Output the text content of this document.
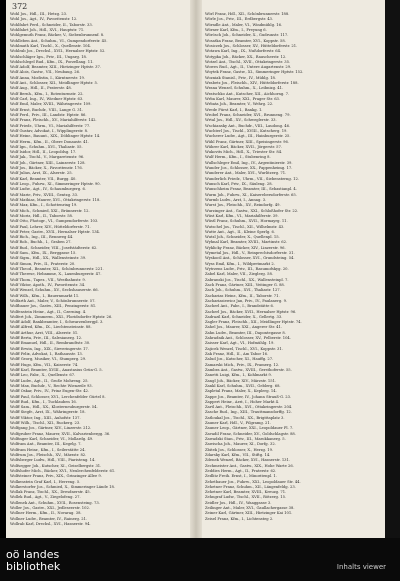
372
Wohl Jos., Hdl., III., Hetzg. 23.
Wohl Jos., Agt., IV., Favoritenstr. 12.
Wohlfahrt Ferd., Schneider, II., Taborstr. 33.
Wohlfahrt Joh., Hdl., XVI., Hauptstr. 71.
Wohlgemuth Franz, Bäcker, V., Siebenbrunnenf. 8.
Wohlleben Ant., Schuhm., VI., Gumpendorferstr. 45.
Wohlmuth Karl, Tischl., X., Quellenstr. 104.
Wohlrab Jos., Drechsl., XVII., Hernalser Hptstr. 52.
Wohlschläger Ign., Priv., III., Ungarg. 18.
Wohlschlegel Rud., Kfm., IX., Porzellang. 11.
Wolf Adolf, Beamter, XIII., Hietzinger Hptstr. 37.
Wolf Alois, Gastw., VII., Neubaug. 26.
Wolf Anna, Modistin, I., Kärntnerstr. 19.
Wolf Ant., Schlosser, XII., Meidlinger Hptstr. 5.
Wolf Aug., Hdl., II., Praterstr. 48.
Wolf Bernh., Kfm., I., Rotenturmstr. 22.
Wolf Carl, Ing., IV., Wiedner Hptstr. 63.
Wolf Emil, Maler, XVIII., Währingerstr. 109.
Wolf Ernst, Buchdr., VIII., Lange G. 31.
Wolf Ferd., Priv., III., Landstr. Hptstr. 86.
Wolf Franz, Fleischh., XV., Mariahilferstr. 142.
Wolf Friedr., Uhrm., VI., Mariahilferstr. 77.
Wolf Gustav, Advokat, I., Wipplingerstr. 8.
Wolf Heinr., Bauunt., XIX., Döblinger Hptstr. 14.
Wolf Herm., Kfm., II., Obere Donaustr. 41.
Wolf Ign., Schuhm., XVI., Thaliastr. 55.
Wolf Isidor, Hdl., II., Leopoldsg. 17.
Wolf Jak., Tischl., V., Margaretenstr. 96.
Wolf Joh., Gärtner, XIII., Lainzerstr. 128.
Wolf Jos., Bäcker, X., Favoritenstr. 176.
Wolf Julius, Arzt, IX., Alserstr. 25.
Wolf Karl, Beamter, VII., Burgg. 40.
Wolf Leop., Fuhrw., XI., Simmeringer Hptstr. 90.
Wolf Ludw., Agt., IV., Schaumburgerg. 6.
Wolf Marie, Priv., XVIII., Gentzg. 33.
Wolf Mathias, Maurer, XVI., Ottakringerstr. 118.
Wolf Max, Kfm., I., Schottenring 19.
Wolf Mich., Schmied, XXI., Brünnerstr. 12.
Wolf Moriz, Hdl., II., Taborstr. 58.
Wolf Otto, Photogr., VI., Gumpendorferstr. 103.
Wolf Paul, Lehrer, XIV., Hütteldorferstr. 71.
Wolf Peter, Gastw., XVII., Hernalser Hptstr. 134.
Wolf Rich., Ing., III., Rennweg 44.
Wolf Rob., Buchh., I., Graben 27.
Wolf Rud., Schneider, VIII., Josefstädterstr. 62.
Wolf Sam., Kfm., IX., Berggasse 15.
Wolf Sigm., Hdl., XX., Wallensteinstr. 39.
Wolf Simon, Priv., II., Praterstr. 20.
Wolf Theod., Beamter, XII., Schönbrunnerstr. 221.
Wolf Therese, Hebamme, X., Laxenburgerstr. 47.
Wolf Thom., Tapez., VII., Westbahnstr. 9.
Wolf Viktor, Apoth., IV., Favoritenstr. 34.
Wolf Wenzel, Schuhm., XV., Sechshauserstr. 66.
Wolf Wilh., Kfm., I., Bauernmarkt 11.
Wolfarth Ant., Maler, V., Schönbrunnerstr. 57.
Wolfbauer Jos., Gastw., XIII., Penzingerstr. 81.
Wolfenstein Heinr., Agt., II., Czerning. 4.
Wolfert Joh., Zimmerm., XXI., Floridsdorfer Hptstr. 26.
Wolff Adolf, Bankbeamter, I., Schwarzenbergpl. 3.
Wolff Alfred, Kfm., IX., Liechtensteinstr. 88.
Wolff Arthur, Arzt, VIII., Alserstr. 51.
Wolff Berta, Priv., III., Salesianerg. 12.
Wolff Emanuel, Hdl., II., Rembrandtstr. 30.
Wolff Erwin, Ing., XIX., Sieveringerstr. 17.
Wolff Felix, Advokat, I., Rathausstr. 13.
Wolff Georg, Musiker, VI., Stumperg. 29.
Wolff Hugo, Kfm., VII., Kaiserstr. 74.
Wolff Karl, Beamter, XVIII., Anastasius Grün-G. 5.
Wolff Leo, Fabr., X., Quellenstr. 67.
Wolff Ludw., Agt., II., Große Mohreng. 25.
Wolff Max, Buchdr., V., Rechte Wienzeile 93.
Wolff Oskar, Priv., IV., Prinz Eugen-Str. 42.
Wolff Paul, Schlosser, XVI., Lerchenfelder Gürtel 8.
Wolff Rud., Kfm., I., Tuchlauben 16.
Wolff Sam., Hdl., XX., Klosterneuburgerstr. 54.
Wolff Siegfr., Arzt, IX., Währingerstr. 18.
Wolff Viktor, Ing., XIII., Auhofstr. 137.
Wolff Wilh., Tischl., XII., Ruckerg. 23.
Wolfgang Jos., Gärtner, XIV., Linzerstr. 212.
Wolfgruber Franz, Maurer, XVII., Kalvarienbergg. 36.
Wolfinger Karl, Schneider, VI., Mollardg. 49.
Wolfram Ant., Beamter, III., Kegelg. 7.
Wolfram Heinr., Kfm., I., Seilerstätte 24.
Wolfrum Jos., Fleischh., XV., Märzstr. 82.
Wolfsberger Ludw., Hdl., VIII., Piaristeng. 14.
Wolfsegger Joh., Kutscher, XI., Geiselbergstr. 31.
Wolfshofer Mich., Bäcker, XVI., Neulerchenfelderstr. 61.
Wolfsteiner Franz, Priv., XIX., Grinzinger Allee 9.
Wolkenstein Graf Karl, I., Herreng. 5.
Wolkerstorfer Jos., Schmied, X., Simmeringer Lände 18.
Wollak Franz, Tischl., XX., Dresdnerstr. 45.
Wollek Rud., Agt., V., Ziegelofeng. 27.
Wollenek Ant., Schuhm., XVII., Rosensteing. 73.
Woller Jos., Gastw., XXI., Jedleseerstr. 102.
Wollner Herm., Kfm., II., Novarag. 38.
Wollner Ludw., Beamter, IV., Rainerg. 21.
Wollrab Karl, Drechsl., XVI., Hasnerstr. 94.
Wörl Franz, Hdl., XII., Schönbrunnerstr. 188.
Wörle Jos., Priv., III., Erdbergstr. 43.
Wörndle Ant., Maler, VI., Windmühlg. 16.
Wörner Karl, Kfm., I., Freyung 6.
Wörösch Joh., Schneider, X., Gudrunstr. 117.
Wosatka Franz, Beamter, XVI., Koppstr. 58.
Wosiczek Jos., Schlosser, XV., Hütteldorferstr. 21.
Wotawa Karl, Ing., IX., Nußdorferstr. 64.
Wotypka Joh., Bäcker, XX., Rauscherstr. 12.
Wotzel Ant., Tischl., XVII., Ottakringerstr. 35.
Wowes Rud., Agt., II., Untere Augartenstr. 29.
Woytek Franz, Gastw., XI., Simmeringer Hptstr. 152.
Wozniak Stanisl., Priv., IV., Mühlg. 18.
Wrabetz Jos., Fleischh., XIV., Hütteldorferstr. 188.
Wrana Wenzel, Schuhm., X., Leibnizg. 41.
Wratschko Ant., Kutscher, XII., Aichhorng. 7.
Wrba Karl, Maurer, XXI., Prager Str. 63.
Wrbata Joh., Beamter, V., Wehrg. 22.
Wrede Fürst Karl, I., Bankg. 1.
Wrobel Franz, Schneider, XVI., Brunneng. 79.
Wrtal Jos., Hdl., XV., Schweglerstr. 33.
Wschiansky Ant., Buchdr., VIII., Laudong. 46.
Wuchterl Jos., Tischl., XVIII., Kutscherg. 19.
Wucherer Ludw., Agt., III., Hainburgerstr. 25.
Wühl Franz, Gärtner, XIII., Speisingerstr. 96.
Wührer Karl, Bäcker, XVII., Jörgerstr. 57.
Wukovits Mich., Hdl., X., Triester Str. 84.
Wulf Herm., Kfm., I., Stubenring 8.
Wullschleger Emil, Ing., IV., Argentinierstr. 39.
Wunder Jos., Schlosser, XX., Pappenheimg. 17.
Wunderer Ant., Maler, XVI., Wurlitzerg. 71.
Wunderlich Friedr., Uhrm., VII., Siebensterng. 12.
Wunsch Karl, Priv., IX., Säuleng. 28.
Wunschheim Franz, Beamter, III., Sebastianpl. 4.
Wurm Joh., Fuhrw., XI., Kaiserebersdorferstr. 65.
Wurmb Ludw., Arzt, I., Annag. 3.
Wurst Jos., Fleischh., XV., Reindorfg. 49.
Wurzinger Ant., Gastw., XXI., Schloßhofer Str. 22.
Wüst Karl, Kfm., VI., Mariahilferstr. 39.
Wüstl Franz, Schuhm., XVII., Hormayrg. 11.
Wutschel Jos., Tischl., XII., Wilhelmstr. 43.
Wutte Ant., Agt., II., Kleine Sperlg. 6.
Wutzl Joh., Schneider, X., Quellenpl. 15.
Wyhnal Karl, Beamter, XVIII., Martinstr. 62.
Wyklicky Franz, Bäcker, XIV., Linzerstr. 96.
Wymetal Jos., Hdl., V., Reinprechtsdorferstr. 31.
Wyskocil Ant., Schlosser, XVI., Grundsteing. 54.
Wyss Emil, Kfm., I., Wildpretmarkt 2.
Wytrzens Ludw., Priv., III., Rasumofskyg. 20.
Zabel Karl, Maler, VII., Zieglerg. 58.
Zabranski Jos., Tischl., XX., Wallensteinpl. 7.
Zach Franz, Gärtner, XIII., Veitinger G. 88.
Zach Joh., Schuhm., XVI., Thaliastr. 127.
Zacharias Heinr., Kfm., II., Taborstr. 71.
Zachariasiewicz Jan, Priv., IV., Paulanerg. 9.
Zacherl Ant., Fabr., I., Brandstätte 6.
Zacherl Jos., Bäcker, XVII., Hernalser Hptstr. 96.
Zadrazil Karl, Schneider, X., Gellertg. 33.
Zagler Franz, Fleischh., XII., Meidlinger Hptstr. 74.
Zahel Jos., Maurer, XXI., Angerer Str. 41.
Zahn Ludw., Beamter, III., Dapontegasse 8.
Zahradnik Ant., Schlosser, XV., Felberstr. 104.
Zaisser Karl, Agt., VI., Hofmühlg. 19.
Zajicek Wenzel, Tischl., XVI., Koppstr. 31.
Zak Franz, Hdl., II., Am Tabor 16.
Zalud Jos., Kutscher, XI., Hauffg. 27.
Zamarski Mich., Priv., IX., Pramerg. 12.
Zambra Ant., Gastw., XVIII., Gersthoferstr. 55.
Zanetti Luigi, Kfm., I., Kohlmarkt 9.
Zangl Joh., Bäcker, XIV., Märzstr. 151.
Zankl Karl, Schuhm., XVII., Geblerg. 68.
Zapletal Franz, Maler, X., Keplerg. 14.
Zappe Jos., Beamter, IV., Johann Strauß-G. 23.
Zappert Heinr., Arzt, I., Hoher Markt 4.
Zartl Ant., Fleischh., XVI., Ottakringerstr. 204.
Zasche Rud., Ing., XIII., Trauttmansdorffg. 12.
Zatloukal Jos., Tischl., XX., Brigittaplatz 3.
Zauner Karl, Hdl., V., Pilgramg. 21.
Zauner Leop., Gärtner, XXI., Leopoldauer Pl. 7.
Zavadil Franz, Schneider, XV., Goldschlagstr. 88.
Zawadzki Stan., Priv., III., Marokkanerg. 5.
Zawischa Joh., Maurer, XI., Dorfg. 32.
Zbitek Jos., Schlosser, X., Herzg. 19.
Zdarsky Karl, Kfm., VII., Stiftg. 14.
Zdenek Wenzel, Bäcker, XVI., Hasnerstr. 131.
Zechmeister Ant., Gastw., XIX., Hohe Warte 26.
Zeddies Herm., Agt., II., Praterstr. 62.
Zedlitz Freih. Ernst, I., Minoritenpl. 1.
Zehetbauer Jos., Fuhrw., XXI., Leopoldauer Str. 44.
Zehetner Franz, Schuhm., XII., Längenfeldg. 23.
Zehetner Karl, Beamter, XVIII., Kreuzg. 71.
Zehngraf Ludw., Tischl., XVII., Rötzerg. 15.
Zeidler Jos., Hdl., IV., Waaggasse 3.
Zeilinger Ant., Maler, XVI., Gaullachergasse 38.
Zeiner Karl, Gärtner, XIII., Hietzinger Kai 101.
Zeisel Franz, Kfm., I., Lichtensteg 2.
oö landes
bibliothek	Inhalts viewer
